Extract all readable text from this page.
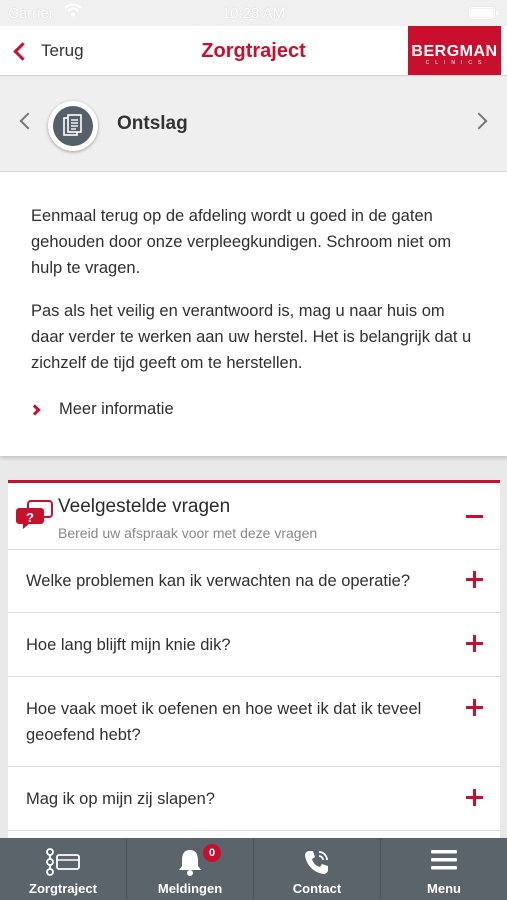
Carrier	10:28 AM
Terug	Zorgtraject	BERGMAN
CLINICS
Ontslag

Eenmaal terug op de afdeling wordt u goed in de gaten gehouden door onze verpleegkundigen. Schroom niet om hulp te vragen.

Pas als het veilig en verantwoord is, mag u naar huis om daar verder te werken aan uw herstel. Het is belangrijk dat u zichzelf de tijd geeft om te herstellen.

Meer informatie
?
Veelgestelde vragen
Bereid uw afspraak voor met deze vragen
Welke problemen kan ik verwachten na de operatie?
Hoe lang blijft mijn knie dik?
Hoe vaak moet ik oefenen en hoe weet ik dat ik teveel geoefend hebt?
Mag ik op mijn zij slapen?
Zorgtraject
0
Meldingen	Contact	Menu
